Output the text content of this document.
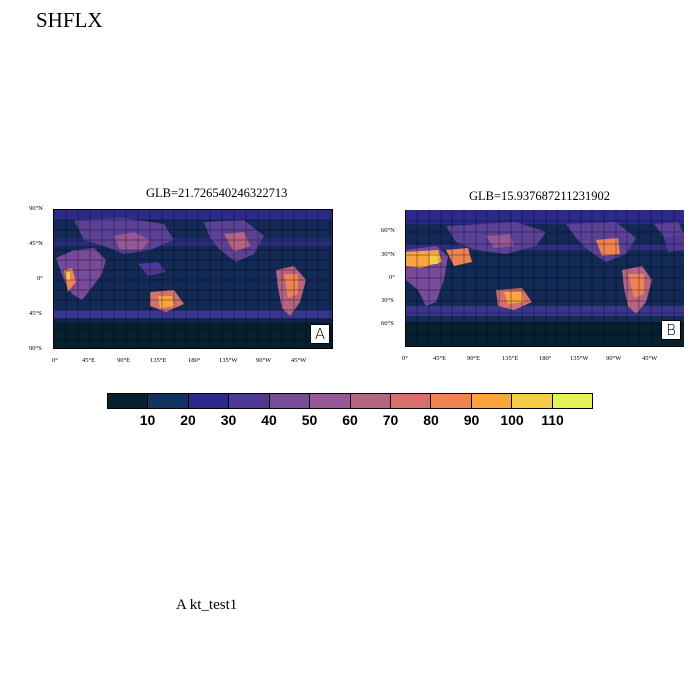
SHFLX
GLB=21.726540246322713	GLB=15.937687211231902
A
90°N
45°N
0°
45°S
90°S
0°	45°E	90°E	135°E	180°	135°W	90°W	45°W
B
60°N
30°N
0°
30°S
60°S
0°	45°E	90°E	135°E	180°	135°W	90°W	45°W
10 20 30 40 50 60 70 80 90 100 110
A kt_test1
